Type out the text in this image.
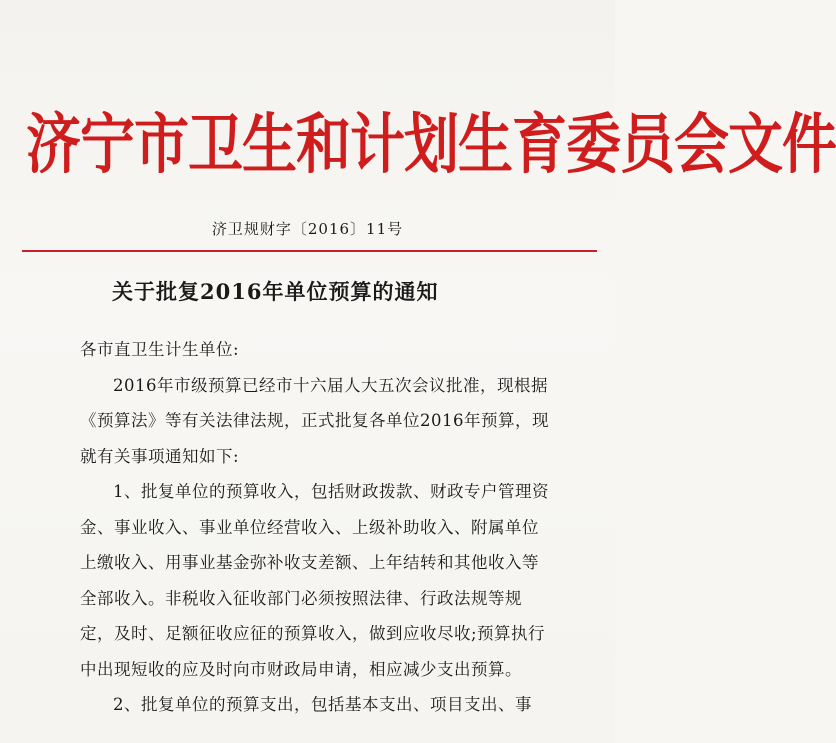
济宁市卫生和计划生育委员会文件
济卫规财字〔2016〕11号
关于批复2016年单位预算的通知

各市直卫生计生单位:

2016年市级预算已经市十六届人大五次会议批准，现根据《预算法》等有关法律法规，正式批复各单位2016年预算，现就有关事项通知如下:

1、批复单位的预算收入，包括财政拨款、财政专户管理资金、事业收入、事业单位经营收入、上级补助收入、附属单位上缴收入、用事业基金弥补收支差额、上年结转和其他收入等全部收入。非税收入征收部门必须按照法律、行政法规等规定，及时、足额征收应征的预算收入，做到应收尽收;预算执行中出现短收的应及时向市财政局申请，相应减少支出预算。

2、批复单位的预算支出，包括基本支出、项目支出、事
